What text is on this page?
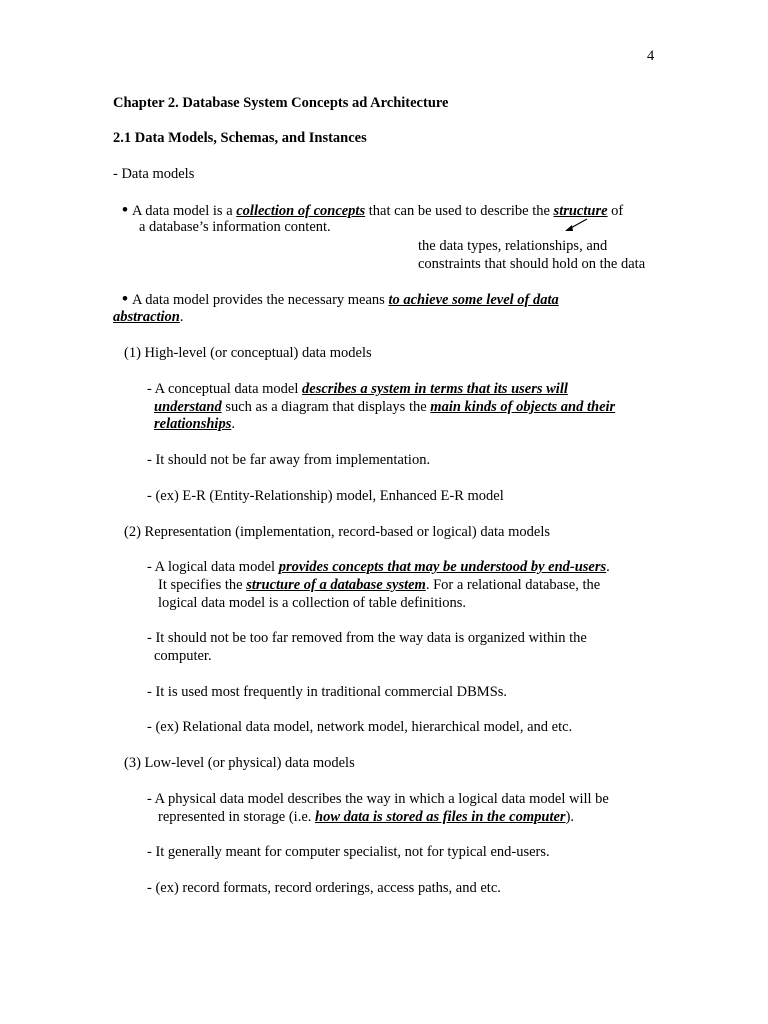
4
Chapter 2. Database System Concepts ad Architecture
2.1 Data Models, Schemas, and Instances
- Data models
• A data model is a collection of concepts that can be used to describe the structure of
a database’s information content.
the data types, relationships, and
constraints that should hold on the data
• A data model provides the necessary means to achieve some level of data
abstraction.
(1) High-level (or conceptual) data models
- A conceptual data model describes a system in terms that its users will
understand such as a diagram that displays the main kinds of objects and their
relationships.
- It should not be far away from implementation.
- (ex) E-R (Entity-Relationship) model, Enhanced E-R model
(2) Representation (implementation, record-based or logical) data models
- A logical data model provides concepts that may be understood by end-users.
It specifies the structure of a database system. For a relational database, the
logical data model is a collection of table definitions.
- It should not be too far removed from the way data is organized within the
computer.
- It is used most frequently in traditional commercial DBMSs.
- (ex) Relational data model, network model, hierarchical model, and etc.
(3) Low-level (or physical) data models
- A physical data model describes the way in which a logical data model will be
represented in storage (i.e. how data is stored as files in the computer).
- It generally meant for computer specialist, not for typical end-users.
- (ex) record formats, record orderings, access paths, and etc.
